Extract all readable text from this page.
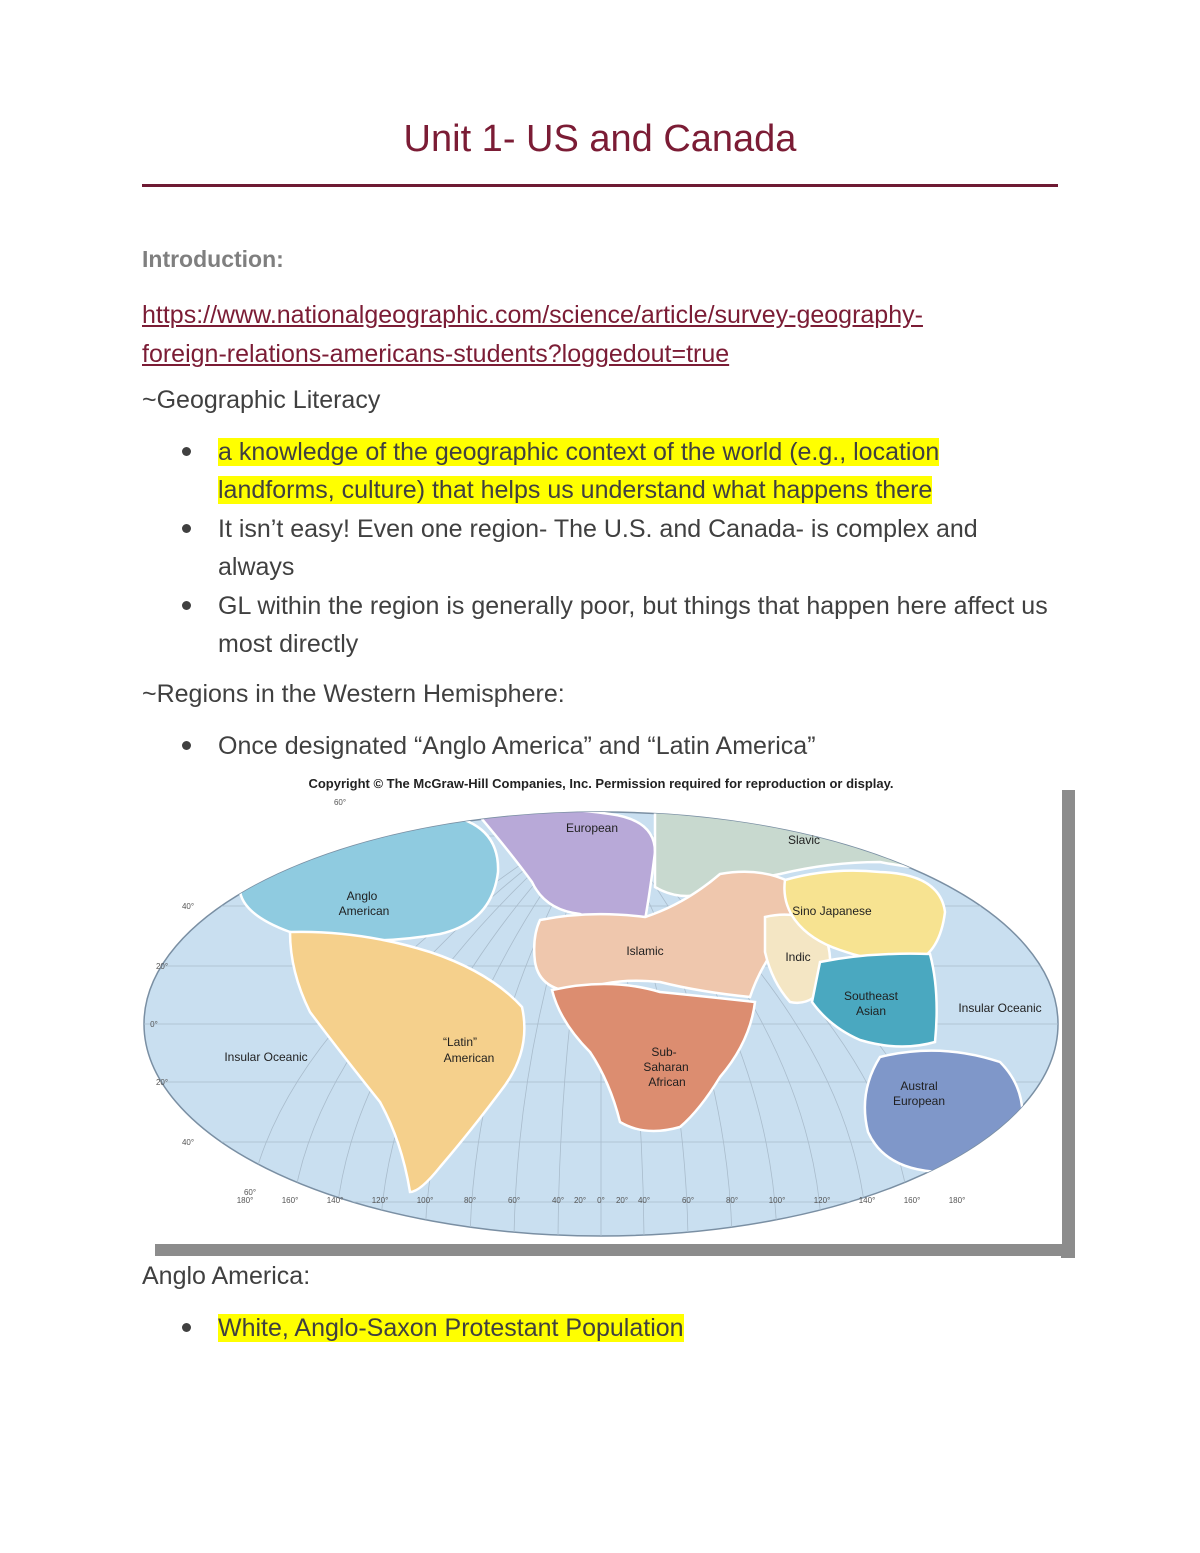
Unit 1- US and Canada
Introduction:
https://www.nationalgeographic.com/science/article/survey-geography-
foreign-relations-americans-students?loggedout=true
~Geographic Literacy
a knowledge of the geographic context of the world (e.g., location landforms, culture) that helps us understand what happens there
It isn’t easy! Even one region- The U.S. and Canada- is complex and always
GL within the region is generally poor, but things that happen here affect us most directly
~Regions in the Western Hemisphere:
Once designated “Anglo America” and “Latin America”
Copyright © The McGraw-Hill Companies, Inc. Permission required for reproduction or display.
European
Slavic
Anglo
American	Sino Japanese
Islamic	Indic
Southeast
Asian	Insular Oceanic
Insular Oceanic
“Latin”
American	Sub-
Saharan
African	Austral
European
60°
40°
20°
0°
20°
40°
60°
180°	160°	140°	120°	100°	80°	60°	40° 20° 0° 20° 40°	60°	80°	100°	120°	140°	160°	180°
Anglo America:
White, Anglo-Saxon Protestant Population
